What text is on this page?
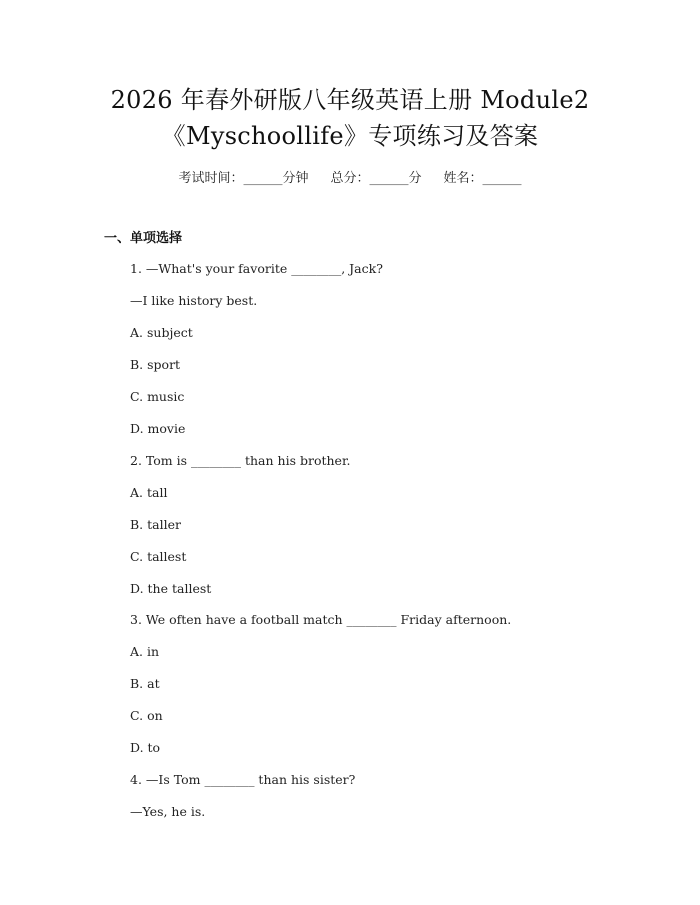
2026 年春外研版八年级英语上册 Module2
《Myschoollife》专项练习及答案
考试时间：______分钟 总分：______分 姓名：______
一、单项选择
1. —What's your favorite ________, Jack?
—I like history best.
A. subject
B. sport
C. music
D. movie
2. Tom is ________ than his brother.
A. tall
B. taller
C. tallest
D. the tallest
3. We often have a football match ________ Friday afternoon.
A. in
B. at
C. on
D. to
4. —Is Tom ________ than his sister?
—Yes, he is.
